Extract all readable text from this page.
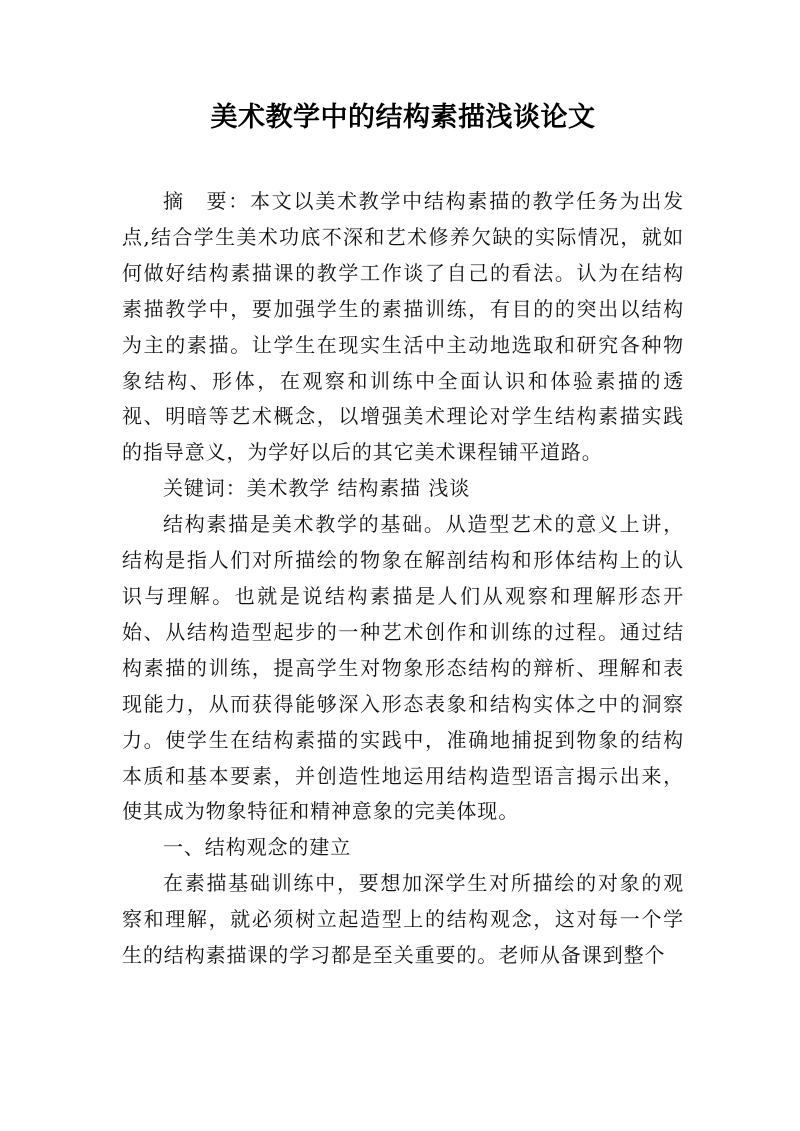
美术教学中的结构素描浅谈论文

摘　要：本文以美术教学中结构素描的教学任务为出发点,结合学生美术功底不深和艺术修养欠缺的实际情况，就如何做好结构素描课的教学工作谈了自己的看法。认为在结构素描教学中，要加强学生的素描训练，有目的的突出以结构为主的素描。让学生在现实生活中主动地选取和研究各种物象结构、形体，在观察和训练中全面认识和体验素描的透视、明暗等艺术概念，以增强美术理论对学生结构素描实践的指导意义，为学好以后的其它美术课程铺平道路。

关键词：美术教学 结构素描 浅谈

结构素描是美术教学的基础。从造型艺术的意义上讲，结构是指人们对所描绘的物象在解剖结构和形体结构上的认识与理解。也就是说结构素描是人们从观察和理解形态开始、从结构造型起步的一种艺术创作和训练的过程。通过结构素描的训练，提高学生对物象形态结构的辩析、理解和表现能力，从而获得能够深入形态表象和结构实体之中的洞察力。使学生在结构素描的实践中，准确地捕捉到物象的结构本质和基本要素，并创造性地运用结构造型语言揭示出来，使其成为物象特征和精神意象的完美体现。

一、结构观念的建立

在素描基础训练中，要想加深学生对所描绘的对象的观察和理解，就必须树立起造型上的结构观念，这对每一个学生的结构素描课的学习都是至关重要的。老师从备课到整个
